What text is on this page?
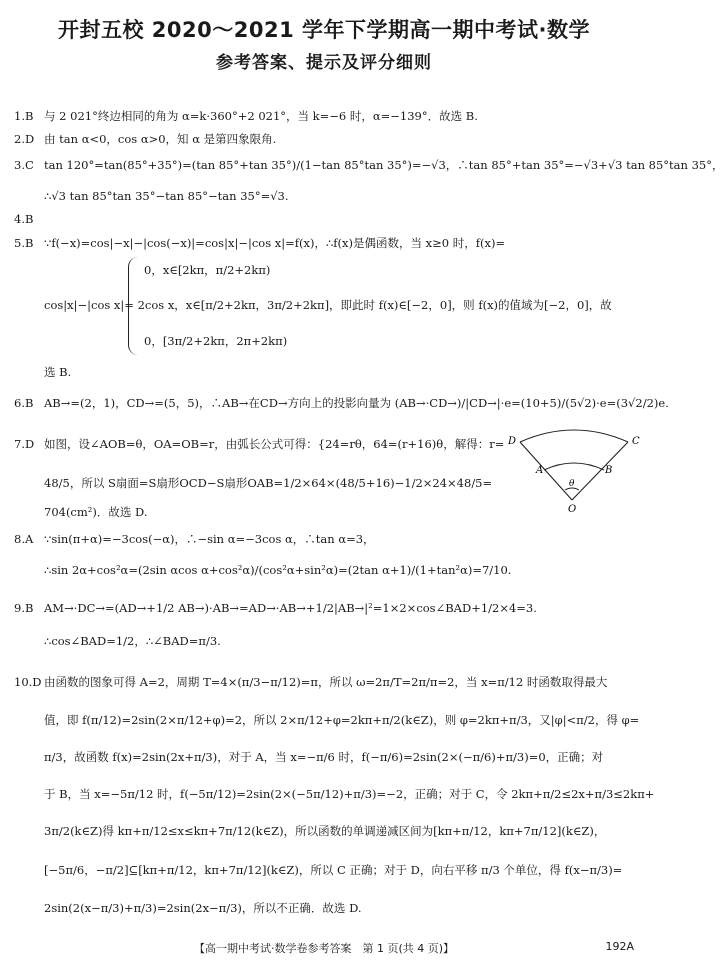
开封五校 2020～2021 学年下学期高一期中考试·数学
参考答案、提示及评分细则
1.B 与 2 021°终边相同的角为 α=k·360°+2 021°，当 k=−6 时，α=−139°．故选 B.
2.D 由 tan α<0，cos α>0，知 α 是第四象限角.
3.C tan 120°=tan(85°+35°)=(tan 85°+tan 35°)/(1−tan 85°tan 35°)=−√3，∴tan 85°+tan 35°=−√3+√3 tan 85°tan 35°，
∴√3 tan 85°tan 35°−tan 85°−tan 35°=√3.
4.B
5.B ∵f(−x)=cos|−x|−|cos(−x)|=cos|x|−|cos x|=f(x)，∴f(x)是偶函数，当 x≥0 时，f(x)=
0，x∈[2kπ，π/2+2kπ)
cos|x|−|cos x|= 2cos x，x∈[π/2+2kπ，3π/2+2kπ]，即此时 f(x)∈[−2，0]，则 f(x)的值域为[−2，0]，故
0，[3π/2+2kπ，2π+2kπ)
选 B.
6.B AB→=(2，1)，CD→=(5，5)，∴AB→在CD→方向上的投影向量为 (AB→·CD→)/|CD→|·e=(10+5)/(5√2)·e=(3√2/2)e.
7.D 如图，设∠AOB=θ，OA=OB=r，由弧长公式可得：{24=rθ，64=(r+16)θ，解得：r=
48/5，所以 S扇面=S扇形OCD−S扇形OAB=1/2×64×(48/5+16)−1/2×24×48/5=
704(cm²)．故选 D.
D	C
A	B
O
θ
8.A ∵sin(π+α)=−3cos(−α)，∴−sin α=−3cos α，∴tan α=3，
∴sin 2α+cos²α=(2sin αcos α+cos²α)/(cos²α+sin²α)=(2tan α+1)/(1+tan²α)=7/10.
9.B AM→·DC→=(AD→+1/2 AB→)·AB→=AD→·AB→+1/2|AB→|²=1×2×cos∠BAD+1/2×4=3.
∴cos∠BAD=1/2，∴∠BAD=π/3.
10.D 由函数的图象可得 A=2，周期 T=4×(π/3−π/12)=π，所以 ω=2π/T=2π/π=2，当 x=π/12 时函数取得最大
值，即 f(π/12)=2sin(2×π/12+φ)=2，所以 2×π/12+φ=2kπ+π/2(k∈Z)，则 φ=2kπ+π/3，又|φ|<π/2，得 φ=
π/3，故函数 f(x)=2sin(2x+π/3)，对于 A，当 x=−π/6 时，f(−π/6)=2sin(2×(−π/6)+π/3)=0，正确；对
于 B，当 x=−5π/12 时，f(−5π/12)=2sin(2×(−5π/12)+π/3)=−2，正确；对于 C，令 2kπ+π/2≤2x+π/3≤2kπ+
3π/2(k∈Z)得 kπ+π/12≤x≤kπ+7π/12(k∈Z)，所以函数的单调递减区间为[kπ+π/12，kπ+7π/12](k∈Z)，
[−5π/6，−π/2]⊆[kπ+π/12，kπ+7π/12](k∈Z)，所以 C 正确；对于 D，向右平移 π/3 个单位，得 f(x−π/3)=
2sin(2(x−π/3)+π/3)=2sin(2x−π/3)，所以不正确．故选 D.
【高一期中考试·数学卷参考答案　第 1 页(共 4 页)】	192A
